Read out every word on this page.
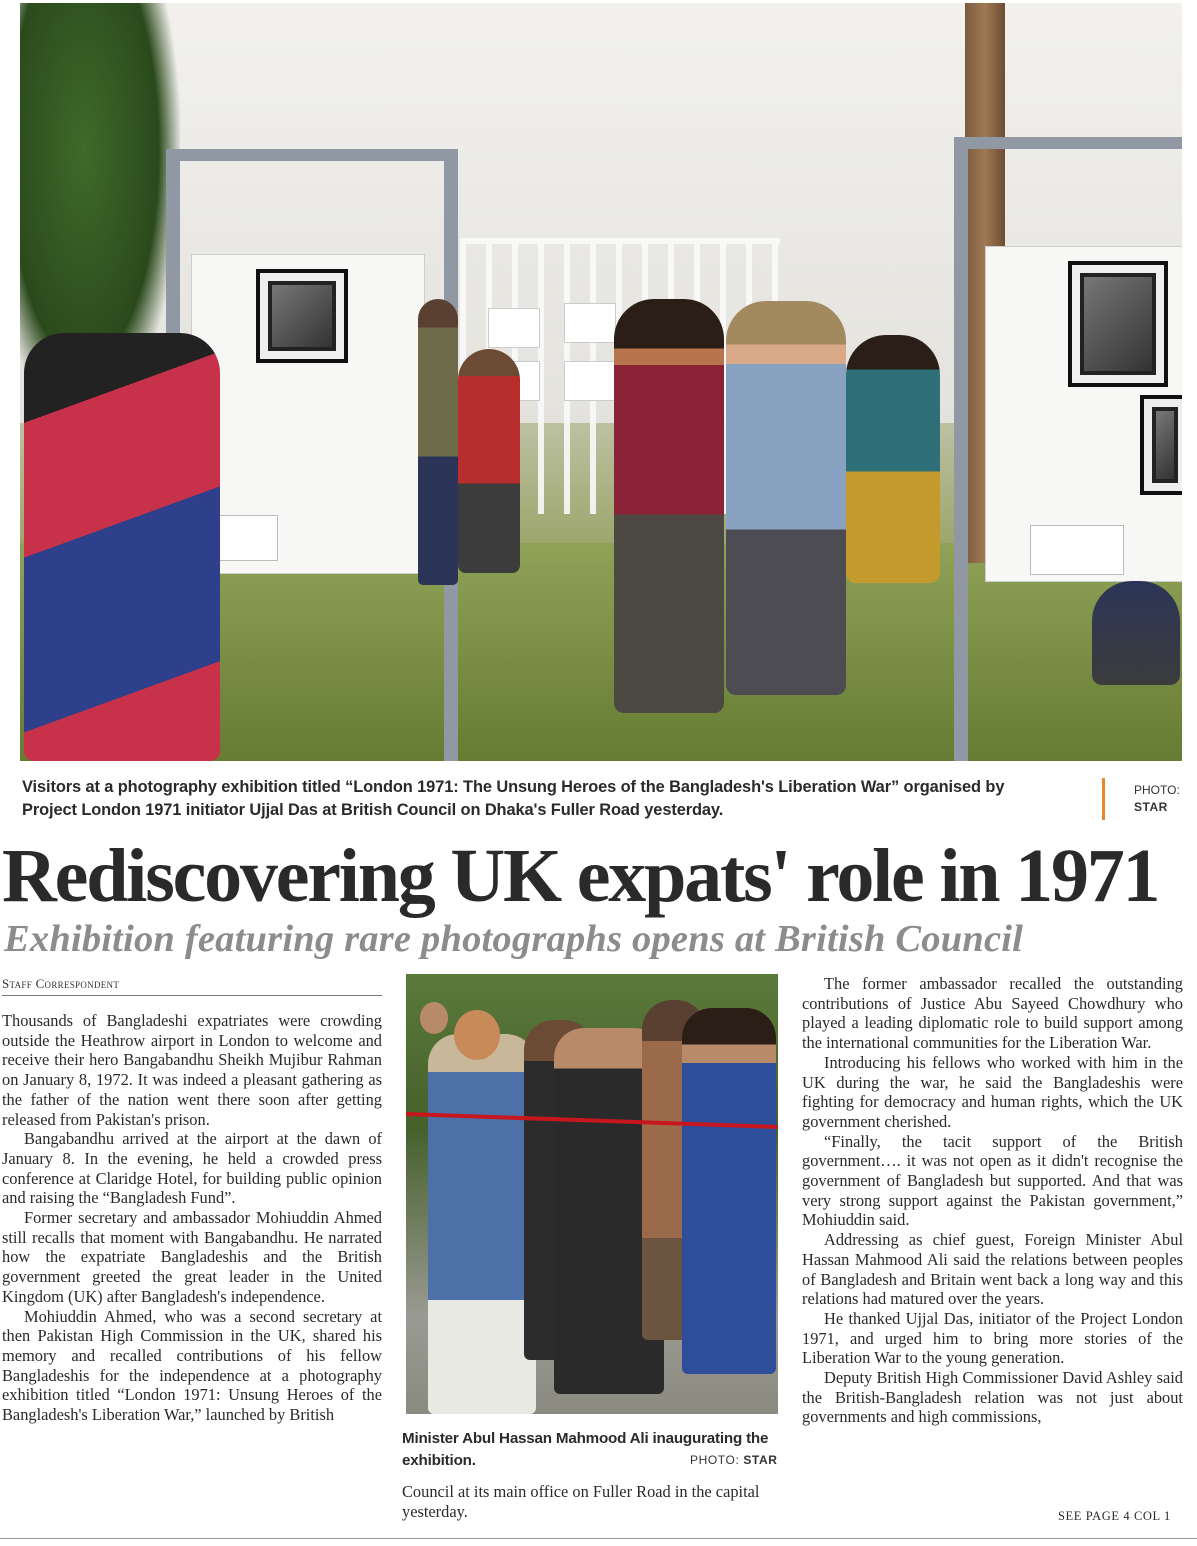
Visitors at a photography exhibition titled “London 1971: The Unsung Heroes of the Bangladesh's Liberation War” organised by Project London 1971 initiator Ujjal Das at British Council on Dhaka's Fuller Road yesterday.
PHOTO:
STAR
Rediscovering UK expats' role in 1971
Exhibition featuring rare photographs opens at British Council
Staff Correspondent

Thousands of Bangladeshi expatriates were crowding outside the Heathrow airport in London to welcome and receive their hero Bangabandhu Sheikh Mujibur Rahman on January 8, 1972. It was indeed a pleasant gathering as the father of the nation went there soon after getting released from Pakistan's prison.

Bangabandhu arrived at the airport at the dawn of January 8. In the evening, he held a crowded press conference at Claridge Hotel, for building public opinion and raising the “Bangladesh Fund”.

Former secretary and ambassador Mohiuddin Ahmed still recalls that moment with Bangabandhu. He narrated how the expatriate Bangladeshis and the British government greeted the great leader in the United Kingdom (UK) after Bangladesh's independence.

Mohiuddin Ahmed, who was a second secretary at then Pakistan High Commission in the UK, shared his memory and recalled contributions of his fellow Bangladeshis for the independence at a photography exhibition titled “London 1971: Unsung Heroes of the Bangladesh's Liberation War,” launched by British

Minister Abul Hassan Mahmood Ali inaugurating the exhibition.	PHOTO: STAR

Council at its main office on Fuller Road in the capital yesterday.

The former ambassador recalled the outstanding contributions of Justice Abu Sayeed Chowdhury who played a leading diplomatic role to build support among the international communities for the Liberation War.

Introducing his fellows who worked with him in the UK during the war, he said the Bangladeshis were fighting for democracy and human rights, which the UK government cherished.

“Finally, the tacit support of the British government…. it was not open as it didn't recognise the government of Bangladesh but supported. And that was very strong support against the Pakistan government,” Mohiuddin said.

Addressing as chief guest, Foreign Minister Abul Hassan Mahmood Ali said the relations between peoples of Bangladesh and Britain went back a long way and this relations had matured over the years.

He thanked Ujjal Das, initiator of the Project London 1971, and urged him to bring more stories of the Liberation War to the young generation.

Deputy British High Commissioner David Ashley said the British-Bangladesh relation was not just about governments and high commissions,

SEE PAGE 4 COL 1
